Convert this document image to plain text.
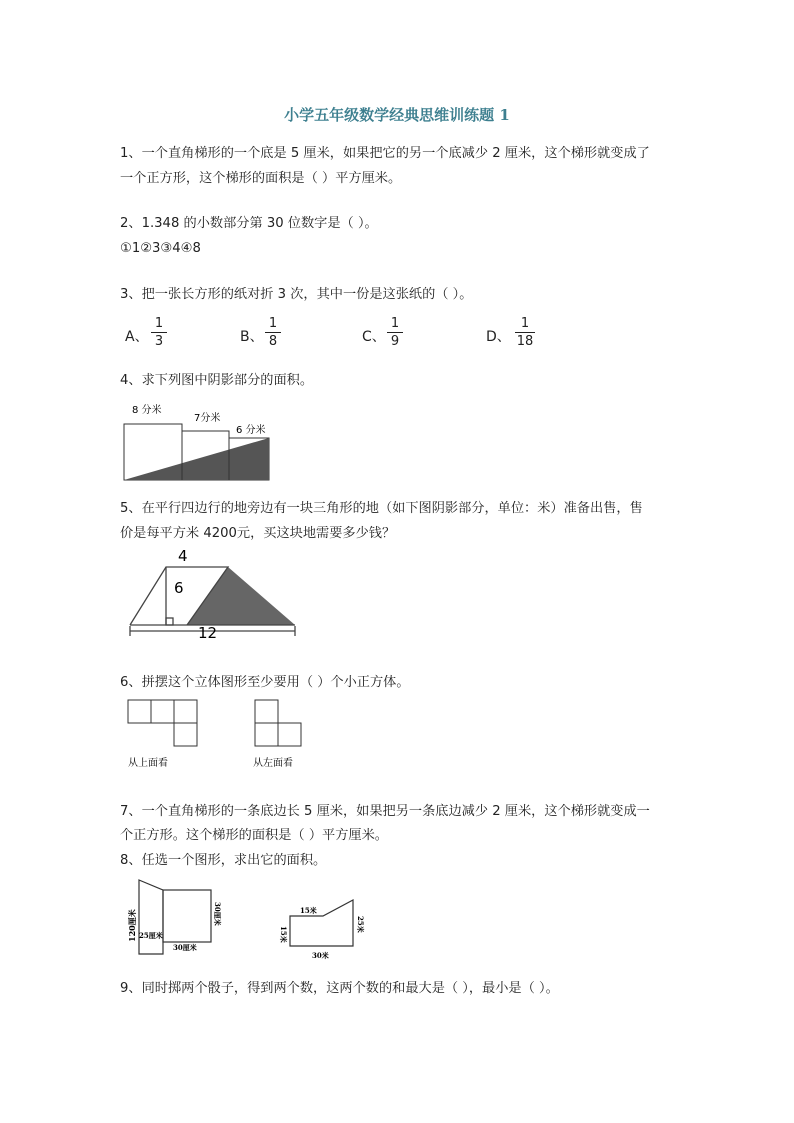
小学五年级数学经典思维训练题 1
1、一个直角梯形的一个底是 5 厘米，如果把它的另一个底减少 2 厘米，这个梯形就变成了
一个正方形，这个梯形的面积是（ ）平方厘米。
2、1.348 的小数部分第 30 位数字是（ ）。
①1②3③4④8
3、把一张长方形的纸对折 3 次，其中一份是这张纸的（ ）。
A、
1
3	B、
1
8	C、
1
9	D、
1
18
4、求下列图中阴影部分的面积。
8 分米
7分米
6 分米
5、在平行四边行的地旁边有一块三角形的地（如下图阴影部分，单位：米）准备出售，售
价是每平方米 4200元，买这块地需要多少钱？
4
6
12
6、拼摆这个立体图形至少要用（ ）个小正方体。
从上面看	从左面看
7、一个直角梯形的一条底边长 5 厘米，如果把另一条底边减少 2 厘米，这个梯形就变成一
个正方形。这个梯形的面积是（ ）平方厘米。
8、任选一个图形，求出它的面积。
120厘米 25厘米
30厘米
30厘米	15米
15米
25米
30米
9、同时掷两个骰子，得到两个数，这两个数的和最大是（ ），最小是（ ）。
